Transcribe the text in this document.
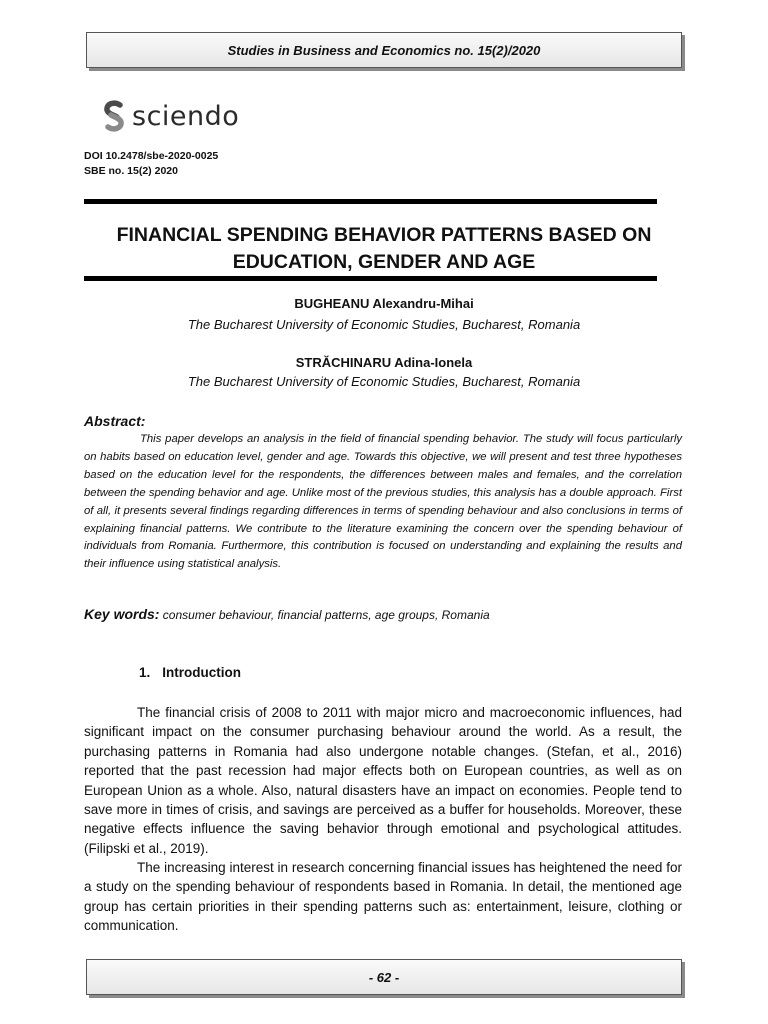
Studies in Business and Economics no. 15(2)/2020
sciendo
DOI 10.2478/sbe-2020-0025
SBE no. 15(2) 2020
FINANCIAL SPENDING BEHAVIOR PATTERNS BASED ON
EDUCATION, GENDER AND AGE
BUGHEANU Alexandru-Mihai
The Bucharest University of Economic Studies, Bucharest, Romania
STRĂCHINARU Adina-Ionela
The Bucharest University of Economic Studies, Bucharest, Romania
Abstract:
This paper develops an analysis in the field of financial spending behavior. The study will focus particularly on habits based on education level, gender and age. Towards this objective, we will present and test three hypotheses based on the education level for the respondents, the differences between males and females, and the correlation between the spending behavior and age. Unlike most of the previous studies, this analysis has a double approach. First of all, it presents several findings regarding differences in terms of spending behaviour and also conclusions in terms of explaining financial patterns. We contribute to the literature examining the concern over the spending behaviour of individuals from Romania. Furthermore, this contribution is focused on understanding and explaining the results and their influence using statistical analysis.
Key words: consumer behaviour, financial patterns, age groups, Romania
1. Introduction
The financial crisis of 2008 to 2011 with major micro and macroeconomic influences, had significant impact on the consumer purchasing behaviour around the world. As a result, the purchasing patterns in Romania had also undergone notable changes. (Stefan, et al., 2016) reported that the past recession had major effects both on European countries, as well as on European Union as a whole. Also, natural disasters have an impact on economies. People tend to save more in times of crisis, and savings are perceived as a buffer for households. Moreover, these negative effects influence the saving behavior through emotional and psychological attitudes. (Filipski et al., 2019).
The increasing interest in research concerning financial issues has heightened the need for a study on the spending behaviour of respondents based in Romania. In detail, the mentioned age group has certain priorities in their spending patterns such as: entertainment, leisure, clothing or communication.
- 62 -
